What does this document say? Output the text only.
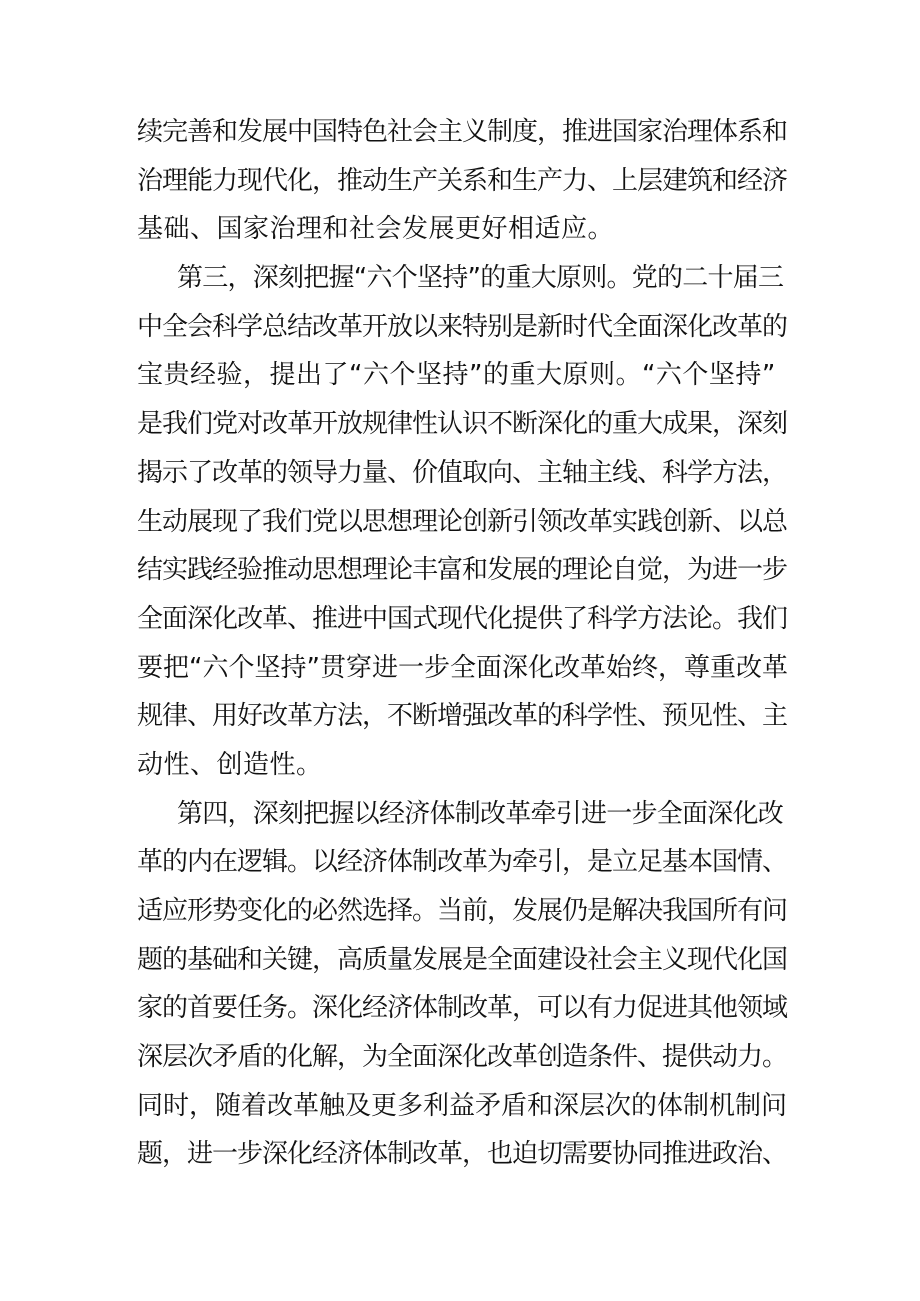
续完善和发展中国特色社会主义制度，推进国家治理体系和
治理能力现代化，推动生产关系和生产力、上层建筑和经济
基础、国家治理和社会发展更好相适应。
第三，深刻把握“六个坚持”的重大原则。党的二十届三
中全会科学总结改革开放以来特别是新时代全面深化改革的
宝贵经验，提出了“六个坚持”的重大原则。“六个坚持”
是我们党对改革开放规律性认识不断深化的重大成果，深刻
揭示了改革的领导力量、价值取向、主轴主线、科学方法，
生动展现了我们党以思想理论创新引领改革实践创新、以总
结实践经验推动思想理论丰富和发展的理论自觉，为进一步
全面深化改革、推进中国式现代化提供了科学方法论。我们
要把“六个坚持”贯穿进一步全面深化改革始终，尊重改革
规律、用好改革方法，不断增强改革的科学性、预见性、主
动性、创造性。
第四，深刻把握以经济体制改革牵引进一步全面深化改
革的内在逻辑。以经济体制改革为牵引，是立足基本国情、
适应形势变化的必然选择。当前，发展仍是解决我国所有问
题的基础和关键，高质量发展是全面建设社会主义现代化国
家的首要任务。深化经济体制改革，可以有力促进其他领域
深层次矛盾的化解，为全面深化改革创造条件、提供动力。
同时，随着改革触及更多利益矛盾和深层次的体制机制问
题，进一步深化经济体制改革，也迫切需要协同推进政治、
